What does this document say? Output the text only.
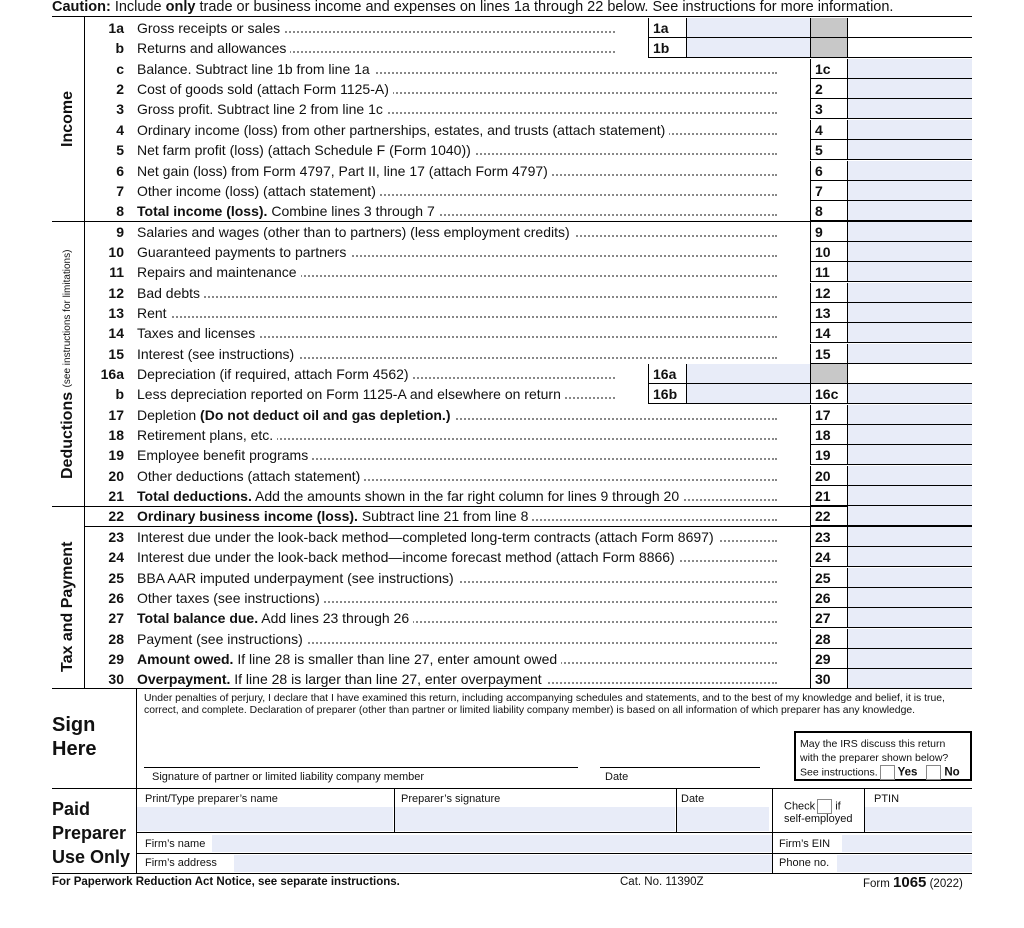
Caution: Include only trade or business income and expenses on lines 1a through 22 below. See instructions for more information.
Income
Deductions (see instructions for limitations)
Tax and Payment
1a Gross receipts or sales	1a
b Returns and allowances	1b
c Balance. Subtract line 1b from line 1a	1c
2 Cost of goods sold (attach Form 1125-A)	2
3 Gross profit. Subtract line 2 from line 1c	3
4 Ordinary income (loss) from other partnerships, estates, and trusts (attach statement)	4
5 Net farm profit (loss) (attach Schedule F (Form 1040))	5
6 Net gain (loss) from Form 4797, Part II, line 17 (attach Form 4797)	6
7 Other income (loss) (attach statement)	7
8 Total income (loss). Combine lines 3 through 7	8
9 Salaries and wages (other than to partners) (less employment credits)	9
10 Guaranteed payments to partners	10
11 Repairs and maintenance	11
12 Bad debts	12
13 Rent	13
14 Taxes and licenses	14
15 Interest (see instructions)	15
16a Depreciation (if required, attach Form 4562)	16a
b Less depreciation reported on Form 1125-A and elsewhere on return	16b	16c
17 Depletion (Do not deduct oil and gas depletion.)	17
18 Retirement plans, etc.	18
19 Employee benefit programs	19
20 Other deductions (attach statement)	20
21 Total deductions. Add the amounts shown in the far right column for lines 9 through 20	21
22 Ordinary business income (loss). Subtract line 21 from line 8	22
23 Interest due under the look-back method—completed long-term contracts (attach Form 8697)	23
24 Interest due under the look-back method—income forecast method (attach Form 8866)	24
25 BBA AAR imputed underpayment (see instructions)	25
26 Other taxes (see instructions)	26
27 Total balance due. Add lines 23 through 26	27
28 Payment (see instructions)	28
29 Amount owed. If line 28 is smaller than line 27, enter amount owed	29
30 Overpayment. If line 28 is larger than line 27, enter overpayment	30
Sign
Here
Under penalties of perjury, I declare that I have examined this return, including accompanying schedules and statements, and to the best of my knowledge and belief, it is true, correct, and complete. Declaration of preparer (other than partner or limited liability company member) is based on all information of which preparer has any knowledge.
Signature of partner or limited liability company member	Date
May the IRS discuss this return
with the preparer shown below?
See instructions. Yes No
Paid
Preparer
Use Only
Print/Type preparer’s name	Preparer’s signature	Date
Check if
self-employed
PTIN
Firm’s name	Firm’s EIN
Firm’s address	Phone no.
For Paperwork Reduction Act Notice, see separate instructions.	Cat. No. 11390Z	Form 1065 (2022)
